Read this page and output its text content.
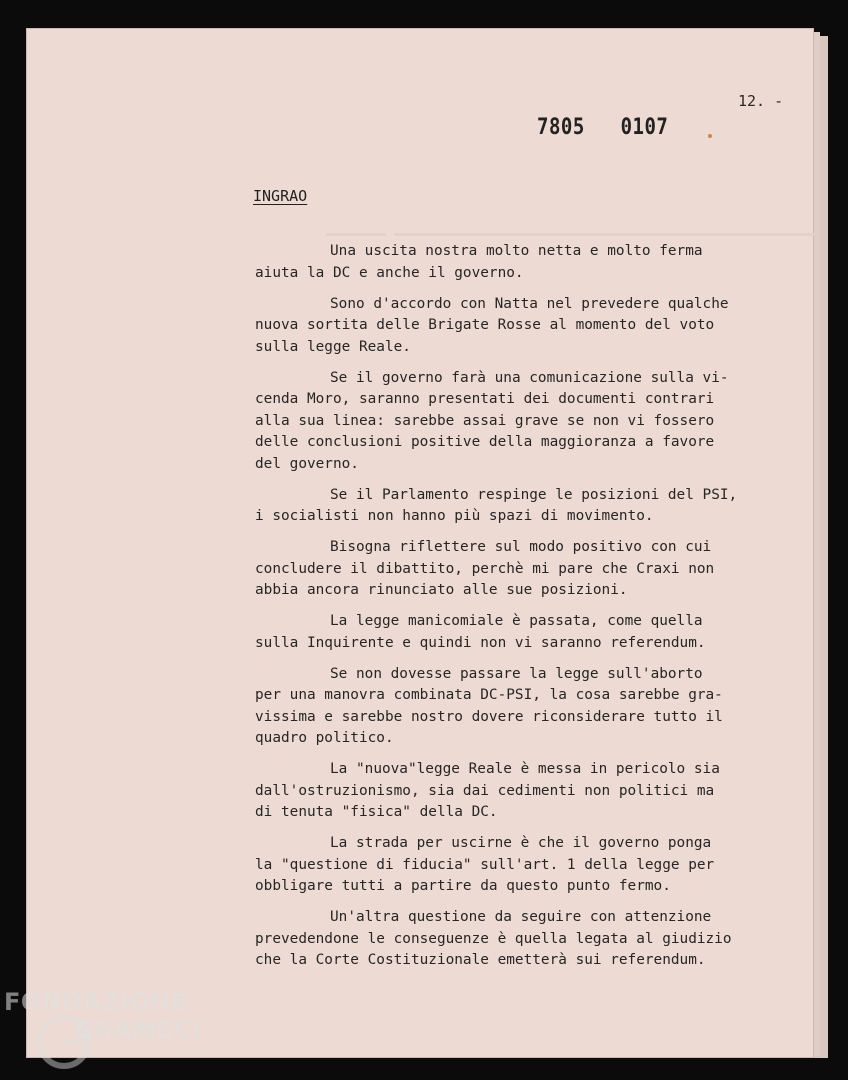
12. -
7805   0107
INGRAO

Una uscita nostra molto netta e molto ferma
aiuta la DC e anche il governo.

Sono d'accordo con Natta nel prevedere qualche
nuova sortita delle Brigate Rosse al momento del voto
sulla legge Reale.

Se il governo farà una comunicazione sulla vi-
cenda Moro, saranno presentati dei documenti contrari
alla sua linea: sarebbe assai grave se non vi fossero
delle conclusioni positive della maggioranza a favore
del governo.

Se il Parlamento respinge le posizioni del PSI,
i socialisti non hanno più spazi di movimento.

Bisogna riflettere sul modo positivo con cui
concludere il dibattito, perchè mi pare che Craxi non
abbia ancora rinunciato alle sue posizioni.

La legge manicomiale è passata, come quella
sulla Inquirente e quindi non vi saranno referendum.

Se non dovesse passare la legge sull'aborto
per una manovra combinata DC-PSI, la cosa sarebbe gra-
vissima e sarebbe nostro dovere riconsiderare tutto il
quadro politico.

La "nuova"legge Reale è messa in pericolo sia
dall'ostruzionismo, sia dai cedimenti non politici ma
di tenuta "fisica" della DC.

La strada per uscirne è che il governo ponga
la "questione di fiducia" sull'art. 1 della legge per
obbligare tutti a partire da questo punto fermo.

Un'altra questione da seguire con attenzione
prevedendone le conseguenze è quella legata al giudizio
che la Corte Costituzionale emetterà sui referendum.

FONDAZIONE
GRAMSCI
onlus
